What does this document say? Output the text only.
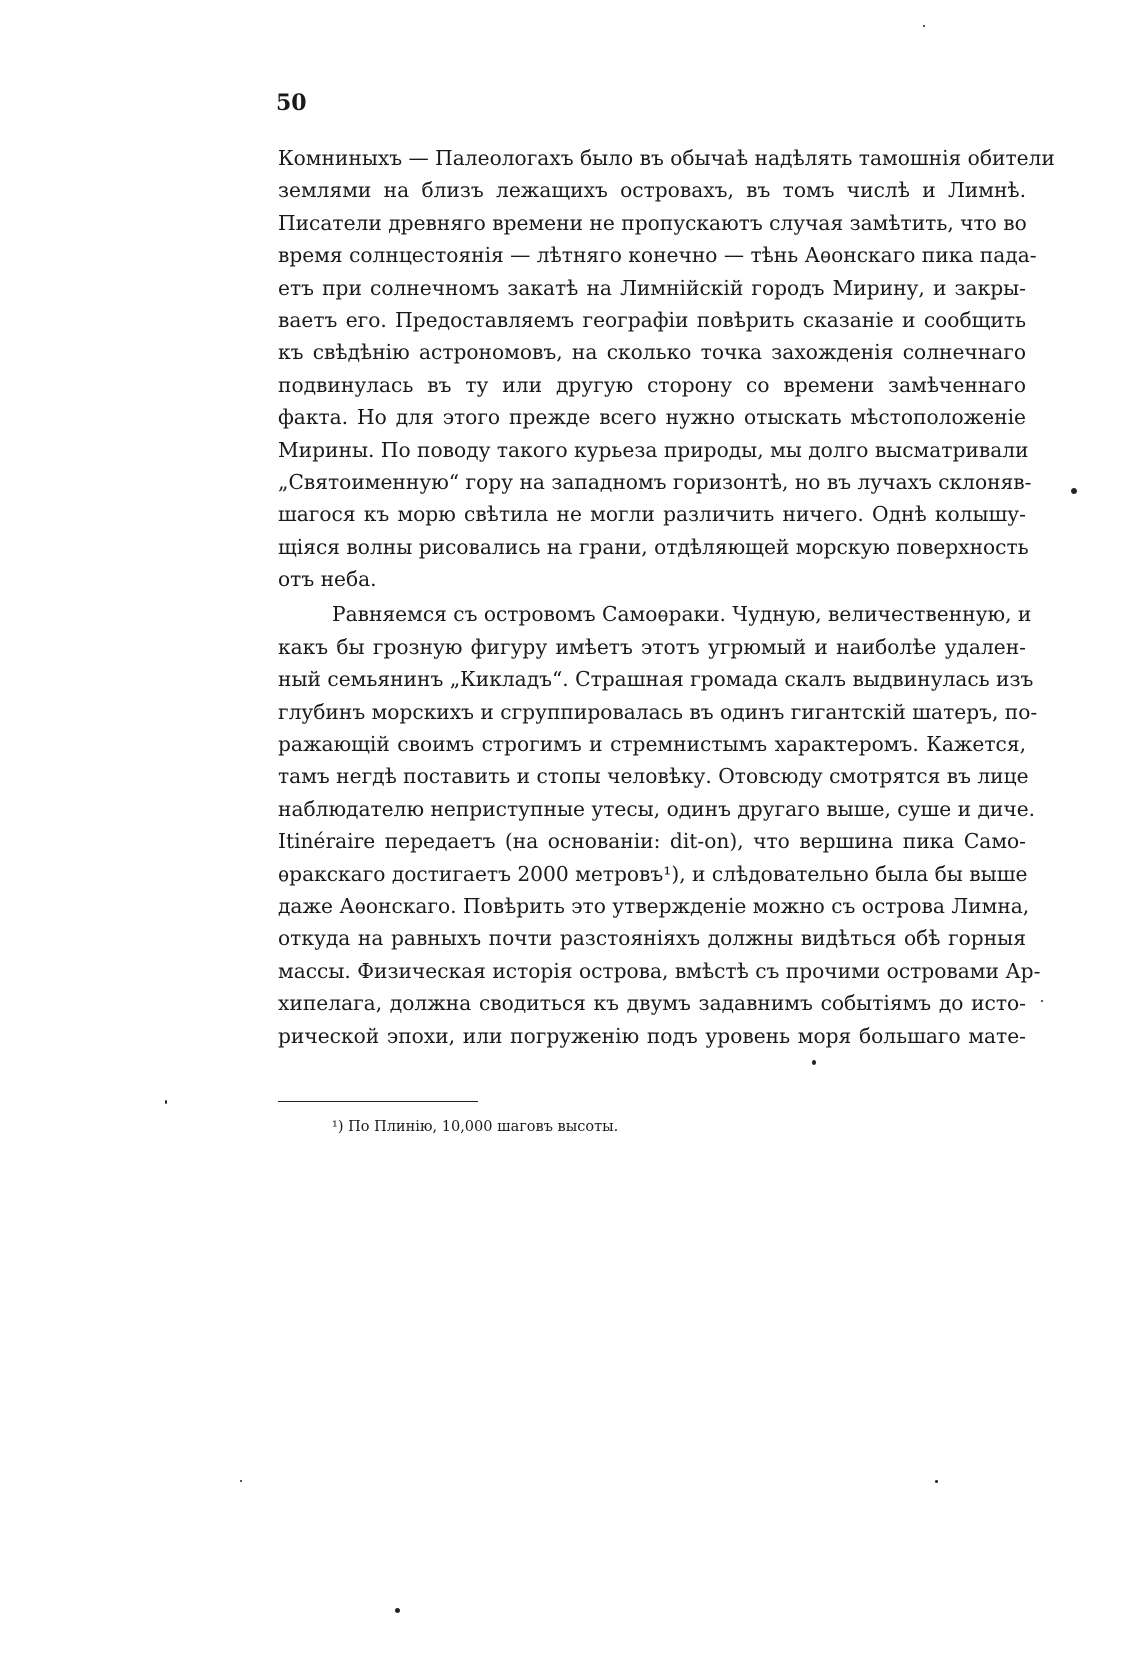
50
Комниныхъ — Палеологахъ было въ обычаѣ надѣлять тамошнія обители
землями на близъ лежащихъ островахъ, въ томъ числѣ и Лимнѣ.
Писатели древняго времени не пропускаютъ случая замѣтить, что во
время солнцестоянія — лѣтняго конечно — тѣнь Аѳонскаго пика пада-
етъ при солнечномъ закатѣ на Лимнійскій городъ Мирину, и закры-
ваетъ его. Предоставляемъ географіи повѣрить сказаніе и сообщить
къ свѣдѣнію астрономовъ, на сколько точка захожденія солнечнаго
подвинулась въ ту или другую сторону со времени замѣченнаго
факта. Но для этого прежде всего нужно отыскать мѣстоположеніе
Мирины. По поводу такого курьеза природы, мы долго высматривали
„Святоименную“ гору на западномъ горизонтѣ, но въ лучахъ склоняв-
шагося къ морю свѣтила не могли различить ничего. Однѣ колышу-
щіяся волны рисовались на грани, отдѣляющей морскую поверхность
отъ неба.
Равняемся съ островомъ Самоѳраки. Чудную, величественную, и
какъ бы грозную фигуру имѣетъ этотъ угрюмый и наиболѣе удален-
ный семьянинъ „Кикладъ“. Страшная громада скалъ выдвинулась изъ
глубинъ морскихъ и сгруппировалась въ одинъ гигантскій шатеръ, по-
ражающій своимъ строгимъ и стремнистымъ характеромъ. Кажется,
тамъ негдѣ поставить и стопы человѣку. Отовсюду смотрятся въ лице
наблюдателю неприступные утесы, одинъ другаго выше, суше и диче.
Itinéraire передаетъ (на основаніи: dit-on), что вершина пика Само-
ѳракскаго достигаетъ 2000 метровъ¹), и слѣдовательно была бы выше
даже Аѳонскаго. Повѣрить это утвержденіе можно съ острова Лимна,
откуда на равныхъ почти разстояніяхъ должны видѣться обѣ горныя
массы. Физическая исторія острова, вмѣстѣ съ прочими островами Ар-
хипелага, должна сводиться къ двумъ задавнимъ событіямъ до исто-
рической эпохи, или погруженію подъ уровень моря большаго мате-
¹) По Плинію, 10,000 шаговъ высоты.
